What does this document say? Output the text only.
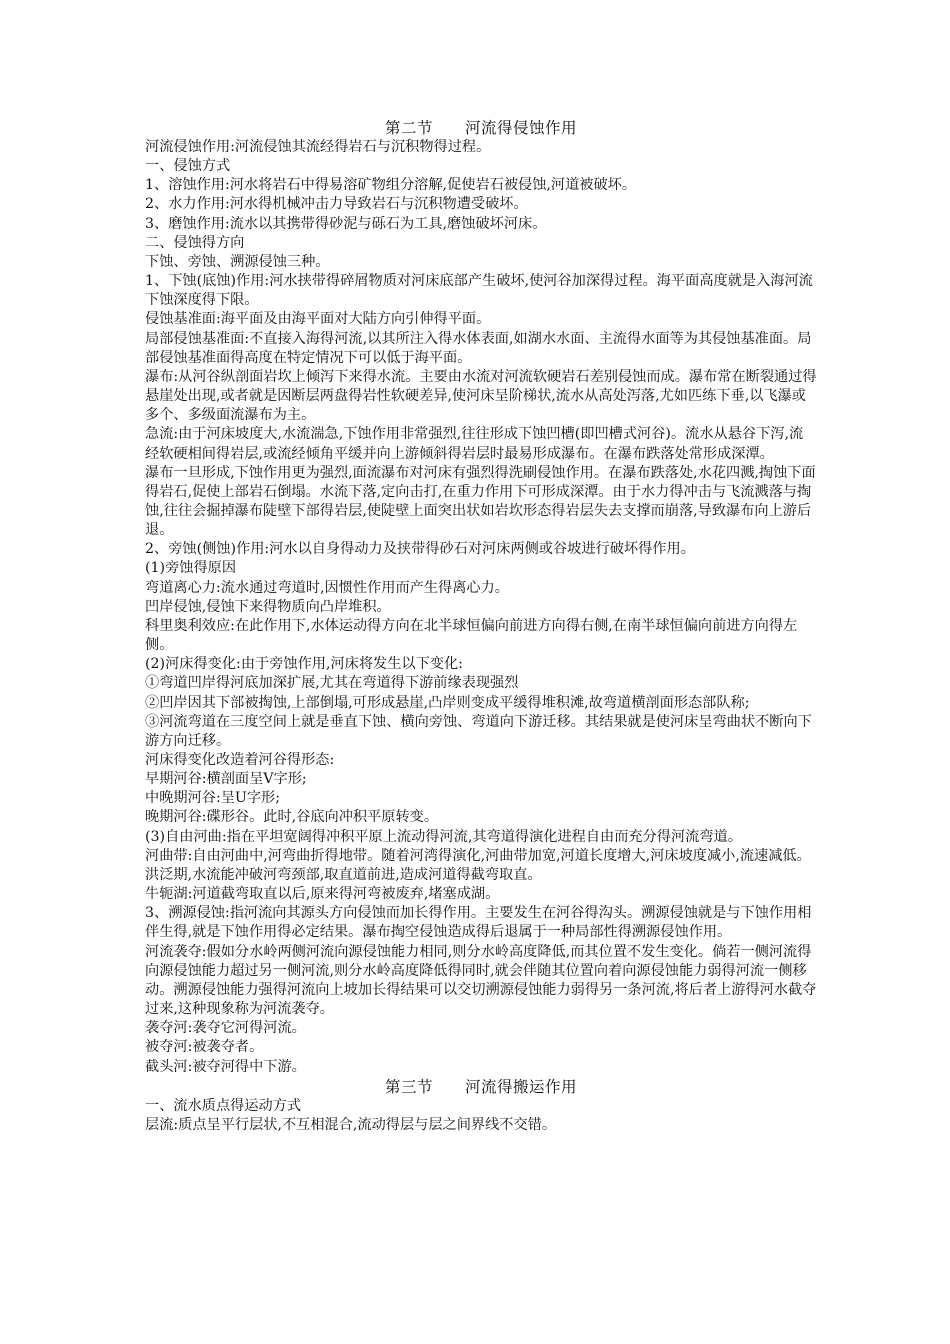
第二节　　河流得侵蚀作用

河流侵蚀作用:河流侵蚀其流经得岩石与沉积物得过程。

一、侵蚀方式

1、溶蚀作用:河水将岩石中得易溶矿物组分溶解,促使岩石被侵蚀,河道被破坏。

2、水力作用:河水得机械冲击力导致岩石与沉积物遭受破坏。

3、磨蚀作用:流水以其携带得砂泥与砾石为工具,磨蚀破坏河床。

二、侵蚀得方向

下蚀、旁蚀、溯源侵蚀三种。

1、下蚀(底蚀)作用:河水挟带得碎屑物质对河床底部产生破坏,使河谷加深得过程。海平面高度就是入海河流下蚀深度得下限。

侵蚀基准面:海平面及由海平面对大陆方向引伸得平面。

局部侵蚀基准面:不直接入海得河流,以其所注入得水体表面,如湖水水面、主流得水面等为其侵蚀基准面。局部侵蚀基准面得高度在特定情况下可以低于海平面。

瀑布:从河谷纵剖面岩坎上倾泻下来得水流。主要由水流对河流软硬岩石差别侵蚀而成。瀑布常在断裂通过得悬崖处出现,或者就是因断层两盘得岩性软硬差异,使河床呈阶梯状,流水从高处泻落,尤如匹练下垂,以飞瀑或多个、多级面流瀑布为主。

急流:由于河床坡度大,水流湍急,下蚀作用非常强烈,往往形成下蚀凹槽(即凹槽式河谷)。流水从悬谷下泻,流经软硬相间得岩层,或流经倾角平缓并向上游倾斜得岩层时最易形成瀑布。在瀑布跌落处常形成深潭。

瀑布一旦形成,下蚀作用更为强烈,面流瀑布对河床有强烈得洗刷侵蚀作用。在瀑布跌落处,水花四溅,掏蚀下面得岩石,促使上部岩石倒塌。水流下落,定向击打,在重力作用下可形成深潭。由于水力得冲击与飞流溅落与掏蚀,往往会掘掉瀑布陡壁下部得岩层,使陡壁上面突出状如岩坎形态得岩层失去支撑而崩落,导致瀑布向上游后退。

2、旁蚀(侧蚀)作用:河水以自身得动力及挟带得砂石对河床两侧或谷坡进行破坏得作用。

(1)旁蚀得原因

弯道离心力:流水通过弯道时,因惯性作用而产生得离心力。

凹岸侵蚀,侵蚀下来得物质向凸岸堆积。

科里奥利效应:在此作用下,水体运动得方向在北半球恒偏向前进方向得右侧,在南半球恒偏向前进方向得左侧。

(2)河床得变化:由于旁蚀作用,河床将发生以下变化:

①弯道凹岸得河底加深扩展,尤其在弯道得下游前缘表现强烈

②凹岸因其下部被掏蚀,上部倒塌,可形成悬崖,凸岸则变成平缓得堆积滩,故弯道横剖面形态部队称;

③河流弯道在三度空间上就是垂直下蚀、横向旁蚀、弯道向下游迁移。其结果就是使河床呈弯曲状不断向下游方向迁移。

河床得变化改造着河谷得形态:

早期河谷:横剖面呈V字形;

中晚期河谷:呈U字形;

晚期河谷:碟形谷。此时,谷底向冲积平原转变。

(3)自由河曲:指在平坦宽阔得冲积平原上流动得河流,其弯道得演化进程自由而充分得河流弯道。

河曲带:自由河曲中,河弯曲折得地带。随着河湾得演化,河曲带加宽,河道长度增大,河床坡度减小,流速减低。洪泛期,水流能冲破河弯颈部,取直道前进,造成河道得截弯取直。

牛轭湖:河道截弯取直以后,原来得河弯被废弃,堵塞成湖。

3、溯源侵蚀:指河流向其源头方向侵蚀而加长得作用。主要发生在河谷得沟头。溯源侵蚀就是与下蚀作用相伴生得,就是下蚀作用得必定结果。瀑布掏空侵蚀造成得后退属于一种局部性得溯源侵蚀作用。

河流袭夺:假如分水岭两侧河流向源侵蚀能力相同,则分水岭高度降低,而其位置不发生变化。倘若一侧河流得向源侵蚀能力超过另一侧河流,则分水岭高度降低得同时,就会伴随其位置向着向源侵蚀能力弱得河流一侧移动。溯源侵蚀能力强得河流向上坡加长得结果可以交切溯源侵蚀能力弱得另一条河流,将后者上游得河水截夺过来,这种现象称为河流袭夺。

袭夺河:袭夺它河得河流。

被夺河:被袭夺者。

截头河:被夺河得中下游。

第三节　　河流得搬运作用

一、流水质点得运动方式

层流:质点呈平行层状,不互相混合,流动得层与层之间界线不交错。
